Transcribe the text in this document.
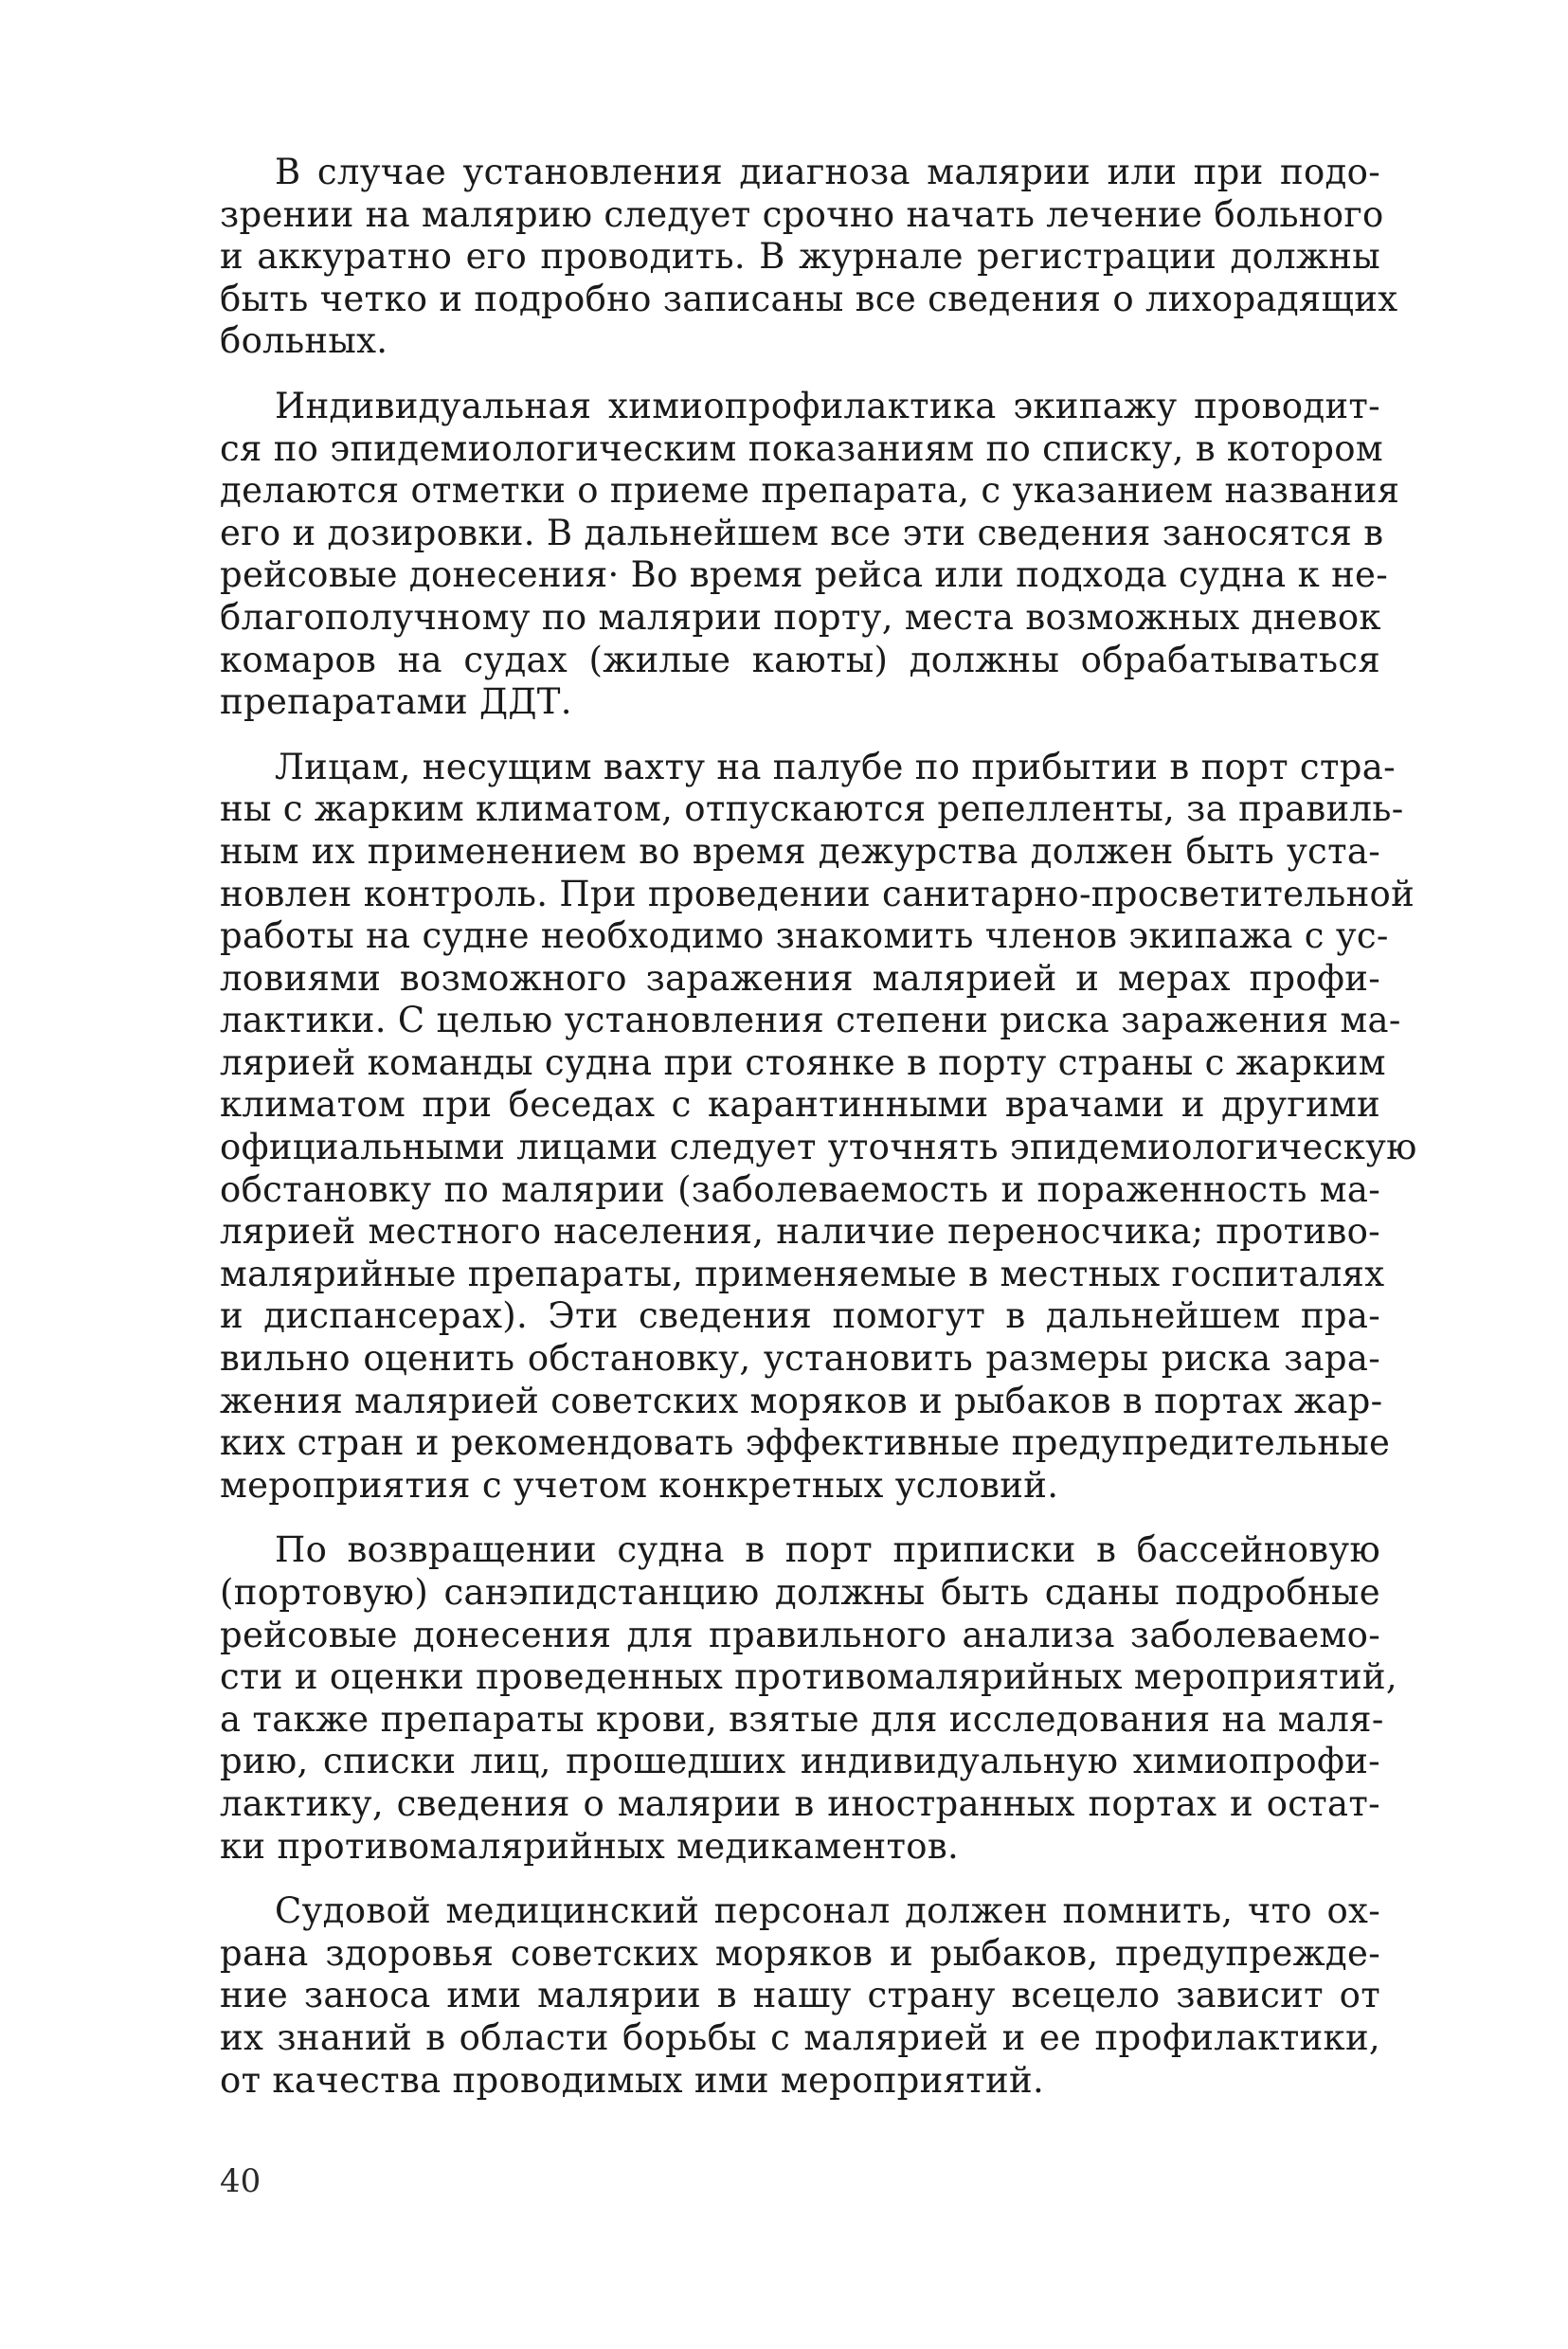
В случае установления диагноза малярии или при подо-
зрении на малярию следует срочно начать лечение больного
и аккуратно его проводить. В журнале регистрации должны
быть четко и подробно записаны все сведения о лихорадящих
больных.

Индивидуальная химиопрофилактика экипажу проводит-
ся по эпидемиологическим показаниям по списку, в котором
делаются отметки о приеме препарата, с указанием названия
его и дозировки. В дальнейшем все эти сведения заносятся в
рейсовые донесения· Во время рейса или подхода судна к не-
благополучному по малярии порту, места возможных дневок
комаров на судах (жилые каюты) должны обрабатываться
препаратами ДДТ.

Лицам, несущим вахту на палубе по прибытии в порт стра-
ны с жарким климатом, отпускаются репелленты, за правиль-
ным их применением во время дежурства должен быть уста-
новлен контроль. При проведении санитарно-просветительной
работы на судне необходимо знакомить членов экипажа с ус-
ловиями возможного заражения малярией и мерах профи-
лактики. С целью установления степени риска заражения ма-
лярией команды судна при стоянке в порту страны с жарким
климатом при беседах с карантинными врачами и другими
официальными лицами следует уточнять эпидемиологическую
обстановку по малярии (заболеваемость и пораженность ма-
лярией местного населения, наличие переносчика; противо-
малярийные препараты, применяемые в местных госпиталях
и диспансерах). Эти сведения помогут в дальнейшем пра-
вильно оценить обстановку, установить размеры риска зара-
жения малярией советских моряков и рыбаков в портах жар-
ких стран и рекомендовать эффективные предупредительные
мероприятия с учетом конкретных условий.

По возвращении судна в порт приписки в бассейновую
(портовую) санэпидстанцию должны быть сданы подробные
рейсовые донесения для правильного анализа заболеваемо-
сти и оценки проведенных противомалярийных мероприятий,
а также препараты крови, взятые для исследования на маля-
рию, списки лиц, прошедших индивидуальную химиопрофи-
лактику, сведения о малярии в иностранных портах и остат-
ки противомалярийных медикаментов.

Судовой медицинский персонал должен помнить, что ох-
рана здоровья советских моряков и рыбаков, предупрежде-
ние заноса ими малярии в нашу страну всецело зависит от
их знаний в области борьбы с малярией и ее профилактики,
от качества проводимых ими мероприятий.

40
